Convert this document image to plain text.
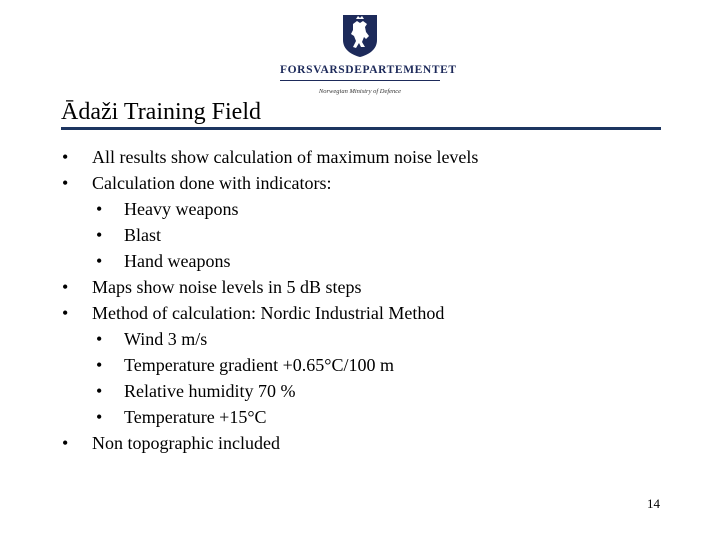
FORSVARSDEPARTEMENTET
Norwegian Ministry of Defence
Ādaži Training Field
• All results show calculation of maximum noise levels
• Calculation done with indicators:
• Heavy weapons
• Blast
• Hand weapons
• Maps show noise levels in 5 dB steps
• Method of calculation: Nordic Industrial Method
• Wind 3 m/s
• Temperature gradient +0.65°C/100 m
• Relative humidity 70 %
• Temperature +15°C
• Non topographic included
14
